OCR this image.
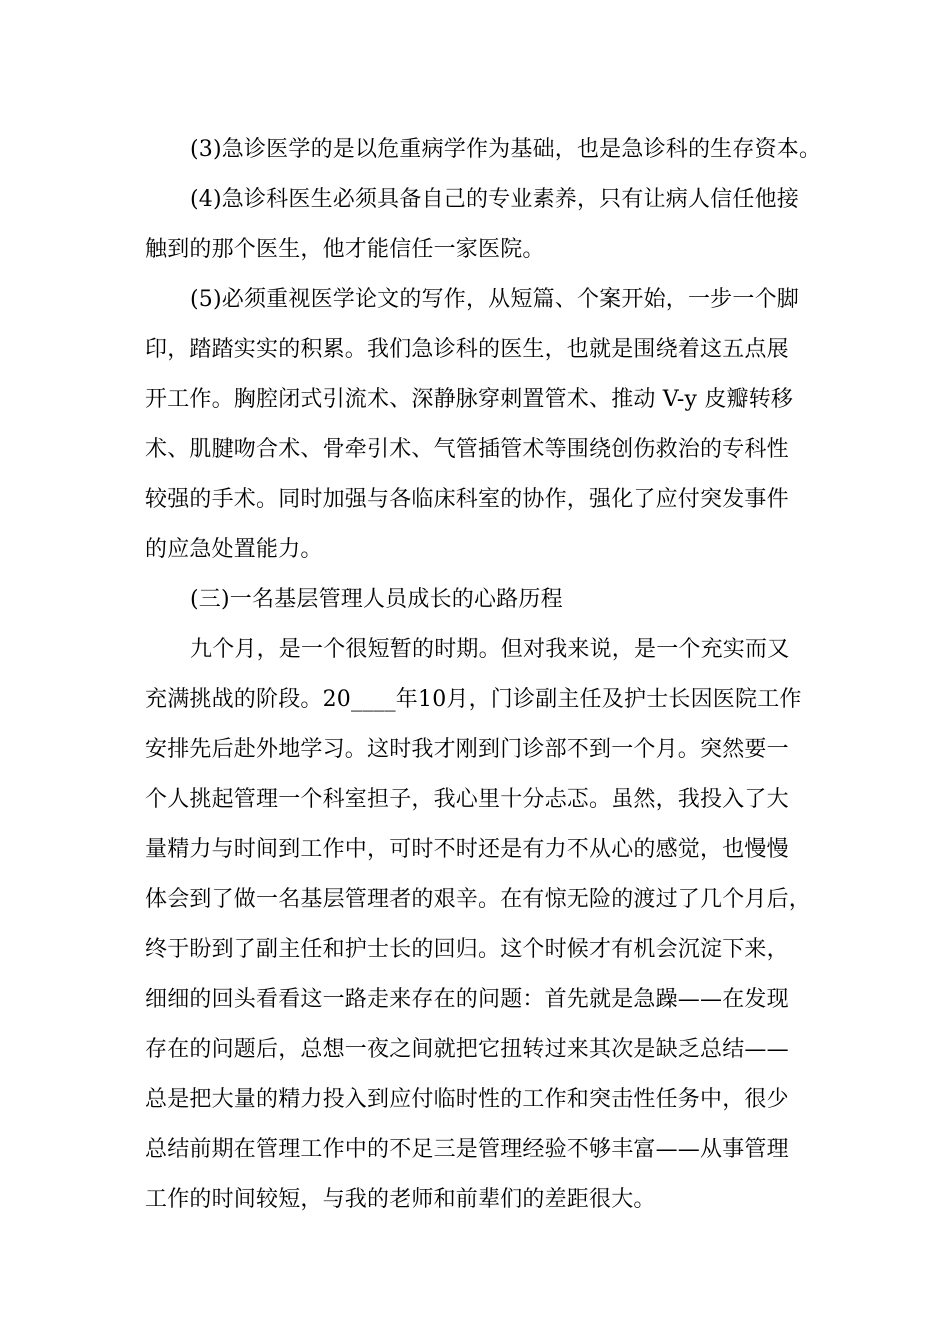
(3)急诊医学的是以危重病学作为基础，也是急诊科的生存资本。
(4)急诊科医生必须具备自己的专业素养，只有让病人信任他接
触到的那个医生，他才能信任一家医院。
(5)必须重视医学论文的写作，从短篇、个案开始，一步一个脚
印，踏踏实实的积累。我们急诊科的医生，也就是围绕着这五点展
开工作。胸腔闭式引流术、深静脉穿刺置管术、推动 V-y 皮瓣转移
术、肌腱吻合术、骨牵引术、气管插管术等围绕创伤救治的专科性
较强的手术。同时加强与各临床科室的协作，强化了应付突发事件
的应急处置能力。
(三)一名基层管理人员成长的心路历程
九个月，是一个很短暂的时期。但对我来说，是一个充实而又
充满挑战的阶段。20____年10月，门诊副主任及护士长因医院工作
安排先后赴外地学习。这时我才刚到门诊部不到一个月。突然要一
个人挑起管理一个科室担子，我心里十分忐忑。虽然，我投入了大
量精力与时间到工作中，可时不时还是有力不从心的感觉，也慢慢
体会到了做一名基层管理者的艰辛。在有惊无险的渡过了几个月后，
终于盼到了副主任和护士长的回归。这个时候才有机会沉淀下来，
细细的回头看看这一路走来存在的问题：首先就是急躁——在发现
存在的问题后，总想一夜之间就把它扭转过来其次是缺乏总结——
总是把大量的精力投入到应付临时性的工作和突击性任务中，很少
总结前期在管理工作中的不足三是管理经验不够丰富——从事管理
工作的时间较短，与我的老师和前辈们的差距很大。
